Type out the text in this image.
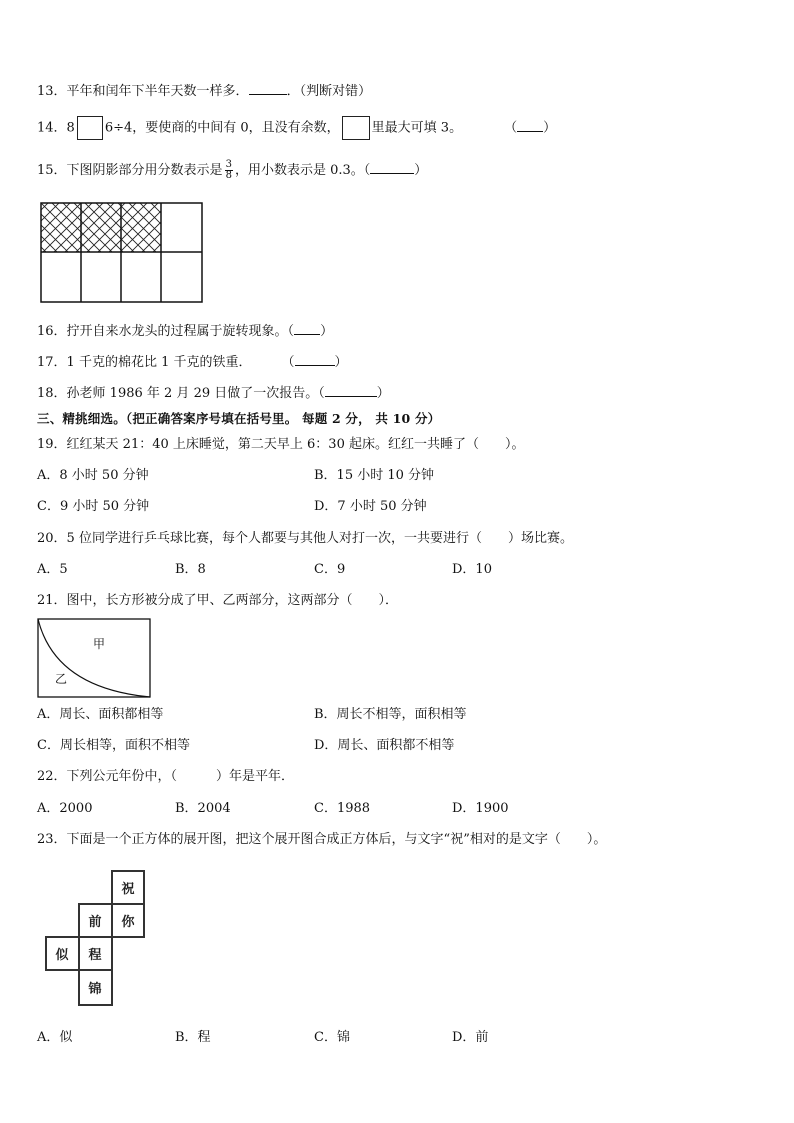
13．平年和闰年下半年天数一样多．	．（判断对错）
14．8 6÷4，要使商的中间有 0，且没有余数， 里最大可填 3。	（ ）
15．下图阴影部分用分数表示是 $\frac{3}{8}$ ，用小数表示是 0.3。（	）
16．拧开自来水龙头的过程属于旋转现象。（ ）
17．1 千克的棉花比 1 千克的铁重． （	）
18．孙老师 1986 年 2 月 29 日做了一次报告。（	）
三、精挑细选。（把正确答案序号填在括号里。 每题 2 分， 共 10 分）
19．红红某天 21：40 上床睡觉，第二天早上 6：30 起床。红红一共睡了（　　）。
A．8 小时 50 分钟	B．15 小时 10 分钟
C．9 小时 50 分钟	D．7 小时 50 分钟
20．5 位同学进行乒乓球比赛，每个人都要与其他人对打一次，一共要进行（　　）场比赛。
A．5	B．8	C．9	D．10
21．图中，长方形被分成了甲、乙两部分，这两部分（　　）．
甲
乙
A．周长、面积都相等	B．周长不相等，面积相等
C．周长相等，面积不相等	D．周长、面积都不相等
22．下列公元年份中，（　　　）年是平年．
A．2000	B．2004	C．1988	D．1900
23．下面是一个正方体的展开图，把这个展开图合成正方体后，与文字“祝”相对的是文字（　　）。
祝
前 你
似 程
锦
A．似	B．程	C．锦	D．前
